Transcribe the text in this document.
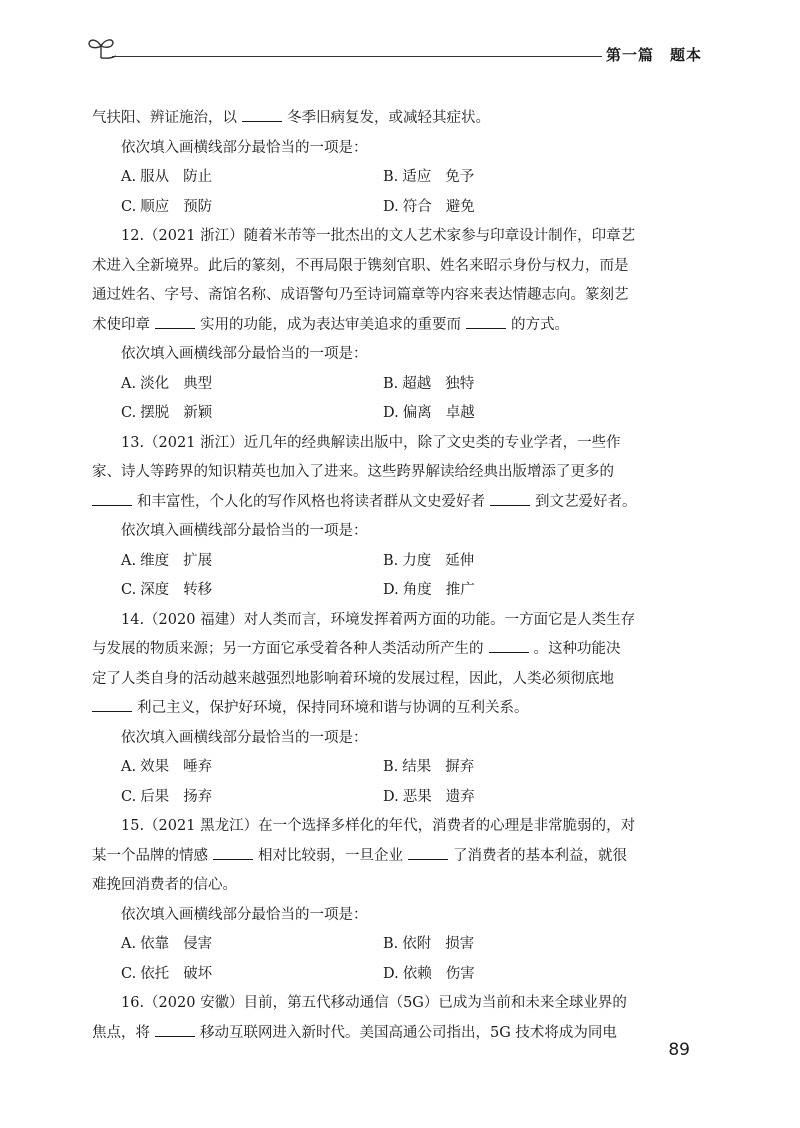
第一篇　题本
气扶阳、辨证施治，以	冬季旧病复发，或减轻其症状。
依次填入画横线部分最恰当的一项是：
A. 服从 防止	B. 适应 免予
C. 顺应 预防	D. 符合 避免
12.（2021 浙江）随着米芾等一批杰出的文人艺术家参与印章设计制作，印章艺
术进入全新境界。此后的篆刻，不再局限于镌刻官职、姓名来昭示身份与权力，而是
通过姓名、字号、斋馆名称、成语警句乃至诗词篇章等内容来表达情趣志向。篆刻艺
术使印章	实用的功能，成为表达审美追求的重要而	的方式。
依次填入画横线部分最恰当的一项是：
A. 淡化 典型	B. 超越 独特
C. 摆脱 新颖	D. 偏离 卓越
13.（2021 浙江）近几年的经典解读出版中，除了文史类的专业学者，一些作
家、诗人等跨界的知识精英也加入了进来。这些跨界解读给经典出版增添了更多的
和丰富性，个人化的写作风格也将读者群从文史爱好者	到文艺爱好者。
依次填入画横线部分最恰当的一项是：
A. 维度 扩展	B. 力度 延伸
C. 深度 转移	D. 角度 推广
14.（2020 福建）对人类而言，环境发挥着两方面的功能。一方面它是人类生存
与发展的物质来源；另一方面它承受着各种人类活动所产生的	。这种功能决
定了人类自身的活动越来越强烈地影响着环境的发展过程，因此，人类必须彻底地
利己主义，保护好环境，保持同环境和谐与协调的互利关系。
依次填入画横线部分最恰当的一项是：
A. 效果 唾弃	B. 结果 摒弃
C. 后果 扬弃	D. 恶果 遗弃
15.（2021 黑龙江）在一个选择多样化的年代，消费者的心理是非常脆弱的，对
某一个品牌的情感	相对比较弱，一旦企业	了消费者的基本利益，就很
难挽回消费者的信心。
依次填入画横线部分最恰当的一项是：
A. 依靠 侵害	B. 依附 损害
C. 依托 破坏	D. 依赖 伤害
16.（2020 安徽）目前，第五代移动通信（5G）已成为当前和未来全球业界的
焦点，将	移动互联网进入新时代。美国高通公司指出，5G 技术将成为同电
89
